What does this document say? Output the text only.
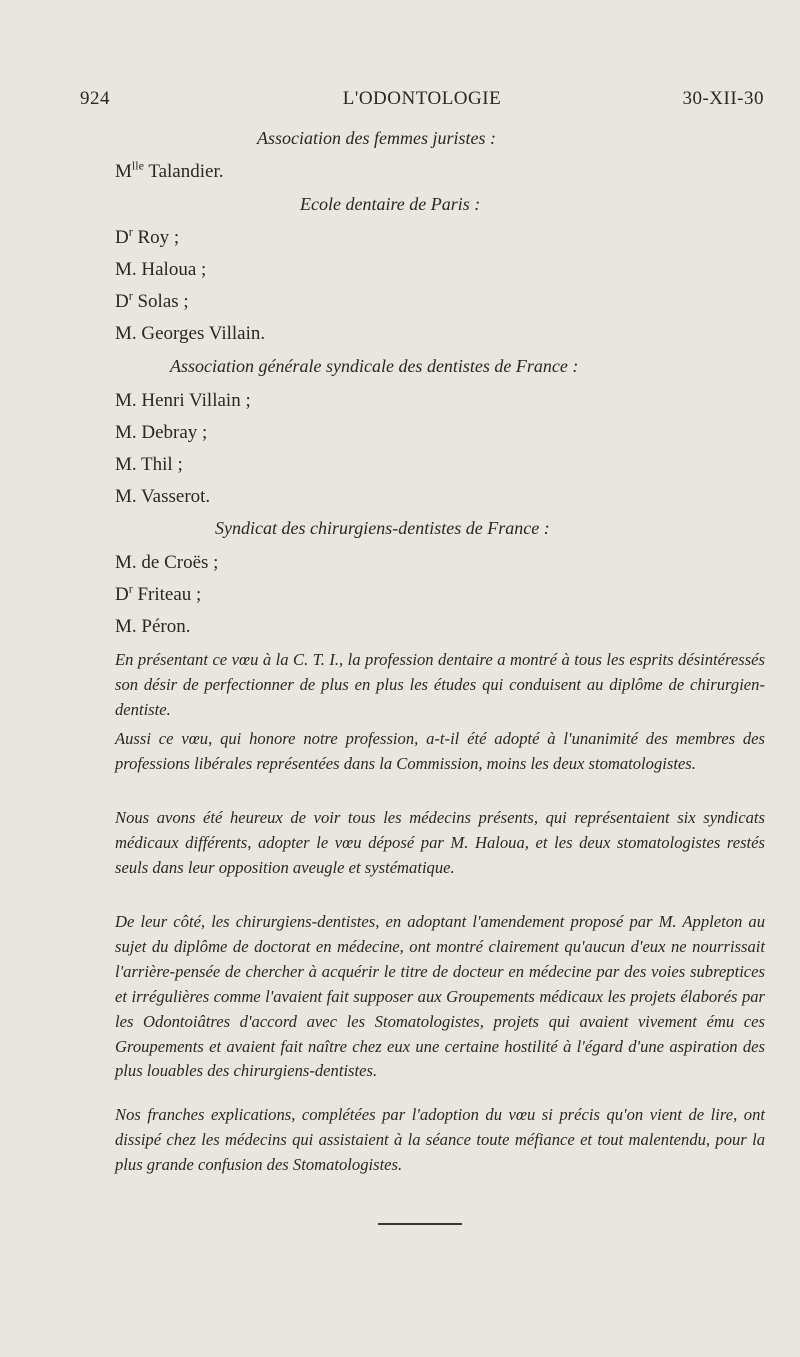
924	L'ODONTOLOGIE	30-XII-30
Association des femmes juristes :
$M^{lle}$ Talandier.
Ecole dentaire de Paris :
$D^r$ Roy ;
M. Haloua ;
$D^r$ Solas ;
M. Georges Villain.
Association générale syndicale des dentistes de France :
M. Henri Villain ;
M. Debray ;
M. Thil ;
M. Vasserot.
Syndicat des chirurgiens-dentistes de France :
M. de Croës ;
$D^r$ Friteau ;
M. Péron.
En présentant ce vœu à la C. T. I., la profession dentaire a montré à tous les esprits désintéressés son désir de perfectionner de plus en plus les études qui conduisent au diplôme de chirurgien-dentiste.
Aussi ce vœu, qui honore notre profession, a-t-il été adopté à l'unanimité des membres des professions libérales représentées dans la Commission, moins les deux stomatologistes.
Nous avons été heureux de voir tous les médecins présents, qui représentaient six syndicats médicaux différents, adopter le vœu déposé par M. Haloua, et les deux stomatologistes restés seuls dans leur opposition aveugle et systématique.
De leur côté, les chirurgiens-dentistes, en adoptant l'amendement proposé par M. Appleton au sujet du diplôme de doctorat en médecine, ont montré clairement qu'aucun d'eux ne nourrissait l'arrière-pensée de chercher à acquérir le titre de docteur en médecine par des voies subreptices et irrégulières comme l'avaient fait supposer aux Groupements médicaux les projets élaborés par les Odontoiâtres d'accord avec les Stomatologistes, projets qui avaient vivement ému ces Groupements et avaient fait naître chez eux une certaine hostilité à l'égard d'une aspiration des plus louables des chirurgiens-dentistes.
Nos franches explications, complétées par l'adoption du vœu si précis qu'on vient de lire, ont dissipé chez les médecins qui assistaient à la séance toute méfiance et tout malentendu, pour la plus grande confusion des Stomatologistes.
